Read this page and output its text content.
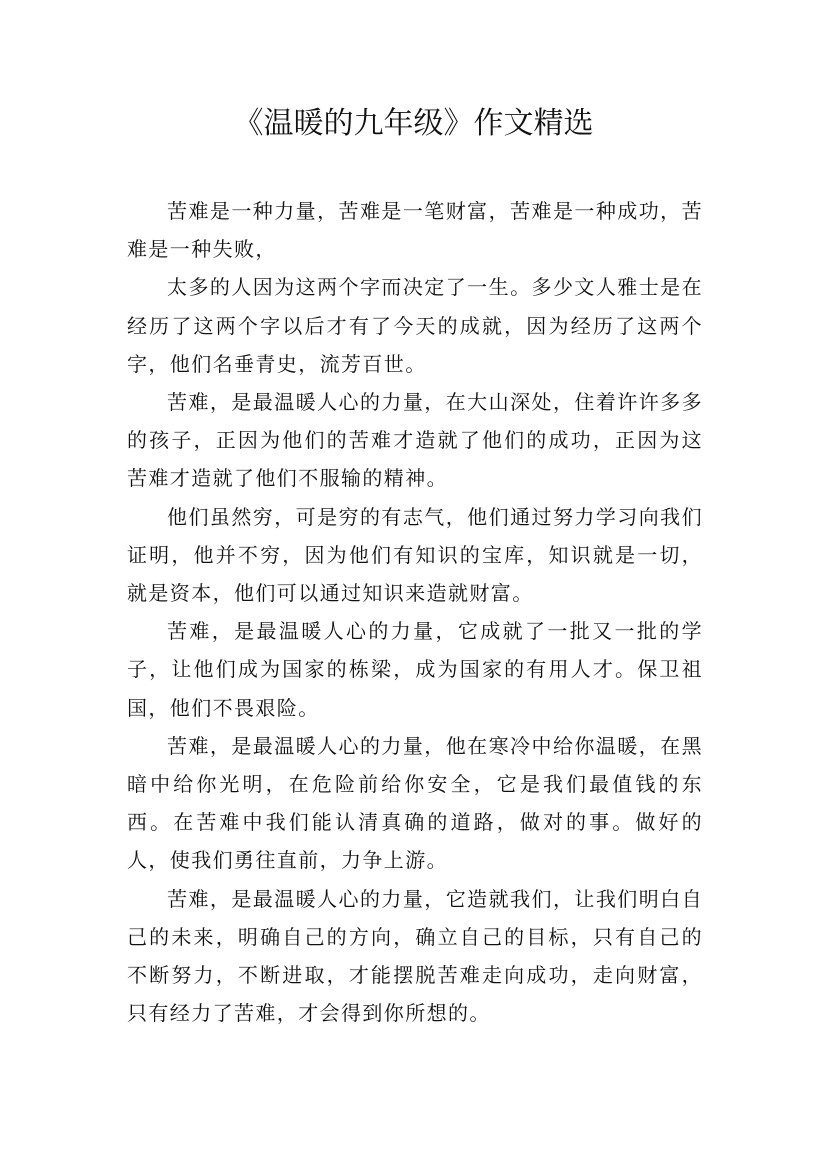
《温暖的九年级》作文精选

苦难是一种力量，苦难是一笔财富，苦难是一种成功，苦难是一种失败，

太多的人因为这两个字而决定了一生。多少文人雅士是在经历了这两个字以后才有了今天的成就，因为经历了这两个字，他们名垂青史，流芳百世。

苦难，是最温暖人心的力量，在大山深处，住着许许多多的孩子，正因为他们的苦难才造就了他们的成功，正因为这苦难才造就了他们不服输的精神。

他们虽然穷，可是穷的有志气，他们通过努力学习向我们证明，他并不穷，因为他们有知识的宝库，知识就是一切，就是资本，他们可以通过知识来造就财富。

苦难，是最温暖人心的力量，它成就了一批又一批的学子，让他们成为国家的栋梁，成为国家的有用人才。保卫祖国，他们不畏艰险。

苦难，是最温暖人心的力量，他在寒冷中给你温暖，在黑暗中给你光明，在危险前给你安全，它是我们最值钱的东西。在苦难中我们能认清真确的道路，做对的事。做好的人，使我们勇往直前，力争上游。

苦难，是最温暖人心的力量，它造就我们，让我们明白自己的未来，明确自己的方向，确立自己的目标，只有自己的不断努力，不断进取，才能摆脱苦难走向成功，走向财富，只有经力了苦难，才会得到你所想的。
